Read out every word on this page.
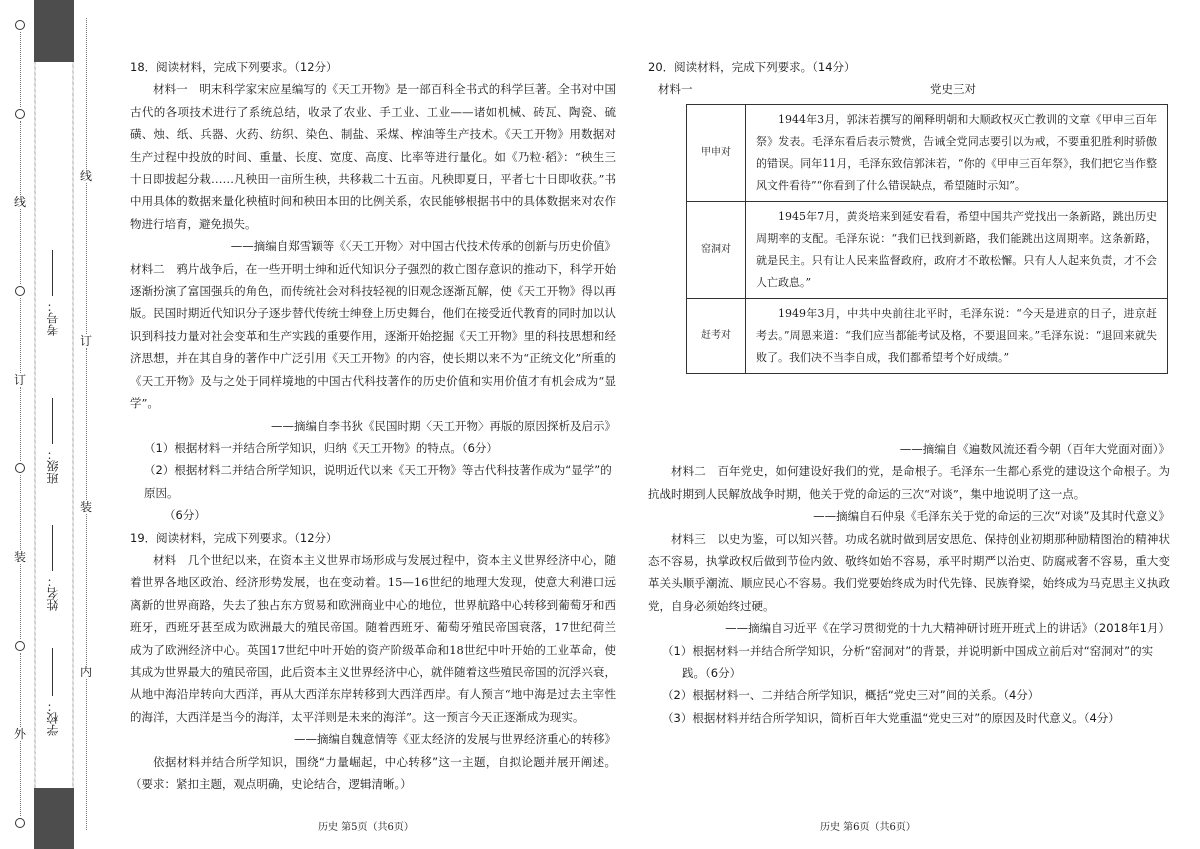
线
订
装
外
考号：
班级：
姓名：
学校：
线
订
装
内
18．阅读材料，完成下列要求。（12分）

材料一　 明末科学家宋应星编写的《天工开物》是一部百科全书式的科学巨著。全书对中国古代的各项技术进行了系统总结，收录了农业、手工业、工业——诸如机械、砖瓦、陶瓷、硫磺、烛、纸、兵器、火药、纺织、染色、制盐、采煤、榨油等生产技术。《天工开物》用数据对生产过程中投放的时间、重量、长度、宽度、高度、比率等进行量化。如《乃粒·稻》：“秧生三十日即拔起分栽……凡秧田一亩所生秧，共移栽二十五亩。凡秧即夏日，平者七十日即收获。”书中用具体的数据来量化秧植时间和秧田本田的比例关系，农民能够根据书中的具体数据来对农作物进行培育，避免损失。

——摘编自郑雪颖等《〈天工开物〉对中国古代技术传承的创新与历史价值》

材料二　 鸦片战争后，在一些开明士绅和近代知识分子强烈的救亡图存意识的推动下，科学开始逐渐扮演了富国强兵的角色，而传统社会对科技轻视的旧观念逐渐瓦解，使《天工开物》得以再版。民国时期近代知识分子逐步替代传统士绅登上历史舞台，他们在接受近代教育的同时加以认识到科技力量对社会变革和生产实践的重要作用，逐渐开始挖掘《天工开物》里的科技思想和经济思想，并在其自身的著作中广泛引用《天工开物》的内容，使长期以来不为“正统文化”所重的《天工开物》及与之处于同样境地的中国古代科技著作的历史价值和实用价值才有机会成为“显学”。

——摘编自李书狄《民国时期〈天工开物〉再版的原因探析及启示》

（1）根据材料一并结合所学知识，归纳《天工开物》的特点。（6分）

（2）根据材料二并结合所学知识，说明近代以来《天工开物》等古代科技著作成为“显学”的原因。

（6分）

19．阅读材料，完成下列要求。（12分）

材料　 几个世纪以来，在资本主义世界市场形成与发展过程中，资本主义世界经济中心，随着世界各地区政治、经济形势发展，也在变动着。15—16世纪的地理大发现，使意大利港口远离新的世界商路，失去了独占东方贸易和欧洲商业中心的地位，世界航路中心转移到葡萄牙和西班牙，西班牙甚至成为欧洲最大的殖民帝国。随着西班牙、葡萄牙殖民帝国衰落，17世纪荷兰成为了欧洲经济中心。英国17世纪中叶开始的资产阶级革命和18世纪中叶开始的工业革命，使其成为世界最大的殖民帝国，此后资本主义世界经济中心，就伴随着这些殖民帝国的沉浮兴衰，从地中海沿岸转向大西洋，再从大西洋东岸转移到大西洋西岸。有人预言“地中海是过去主宰性的海洋，大西洋是当今的海洋，太平洋则是未来的海洋”。这一预言今天正逐渐成为现实。

——摘编自魏意情等《亚太经济的发展与世界经济重心的转移》

依据材料并结合所学知识，围绕“力量崛起，中心转移”这一主题，自拟论题并展开阐述。（要求：紧扣主题，观点明确，史论结合，逻辑清晰。）

历史 第5页（共6页）
20．阅读材料，完成下列要求。（14分）
材料一	党史三对
甲申对	1944年3月，郭沫若撰写的阐释明朝和大顺政权灭亡教训的文章《甲申三百年祭》发表。毛泽东看后表示赞赏，告诫全党同志要引以为戒，不要重犯胜利时骄傲的错误。同年11月，毛泽东致信郭沫若，“你的《甲申三百年祭》，我们把它当作整风文件看待”“你看到了什么错误缺点，希望随时示知”。
窑洞对	1945年7月，黄炎培来到延安看看，希望中国共产党找出一条新路，跳出历史周期率的支配。毛泽东说：“我们已找到新路，我们能跳出这周期率。这条新路，就是民主。只有让人民来监督政府，政府才不敢松懈。只有人人起来负责，才不会人亡政息。”
赶考对	1949年3月，中共中央前往北平时，毛泽东说：“今天是进京的日子，进京赶考去。”周恩来道：“我们应当都能考试及格，不要退回来。”毛泽东说：“退回来就失败了。我们决不当李自成，我们都希望考个好成绩。”

——摘编自《遍数风流还看今朝（百年大党面对面）》

材料二　 百年党史，如何建设好我们的党，是命根子。毛泽东一生都心系党的建设这个命根子。为抗战时期到人民解放战争时期，他关于党的命运的三次“对谈”，集中地说明了这一点。

——摘编自石仲泉《毛泽东关于党的命运的三次“对谈”及其时代意义》

材料三　 以史为鉴，可以知兴替。功成名就时做到居安思危、保持创业初期那种励精图治的精神状态不容易，执掌政权后做到节俭内敛、敬终如始不容易，承平时期严以治吏、防腐戒奢不容易，重大变革关头顺乎潮流、顺应民心不容易。我们党要始终成为时代先锋、民族脊梁，始终成为马克思主义执政党，自身必须始终过硬。

——摘编自习近平《在学习贯彻党的十九大精神研讨班开班式上的讲话》（2018年1月）

（1）根据材料一并结合所学知识，分析“窑洞对”的背景，并说明新中国成立前后对“窑洞对”的实

践。（6分）

（2）根据材料一、二并结合所学知识，概括“党史三对”间的关系。（4分）

（3）根据材料并结合所学知识，简析百年大党重温“党史三对”的原因及时代意义。（4分）

历史 第6页（共6页）
